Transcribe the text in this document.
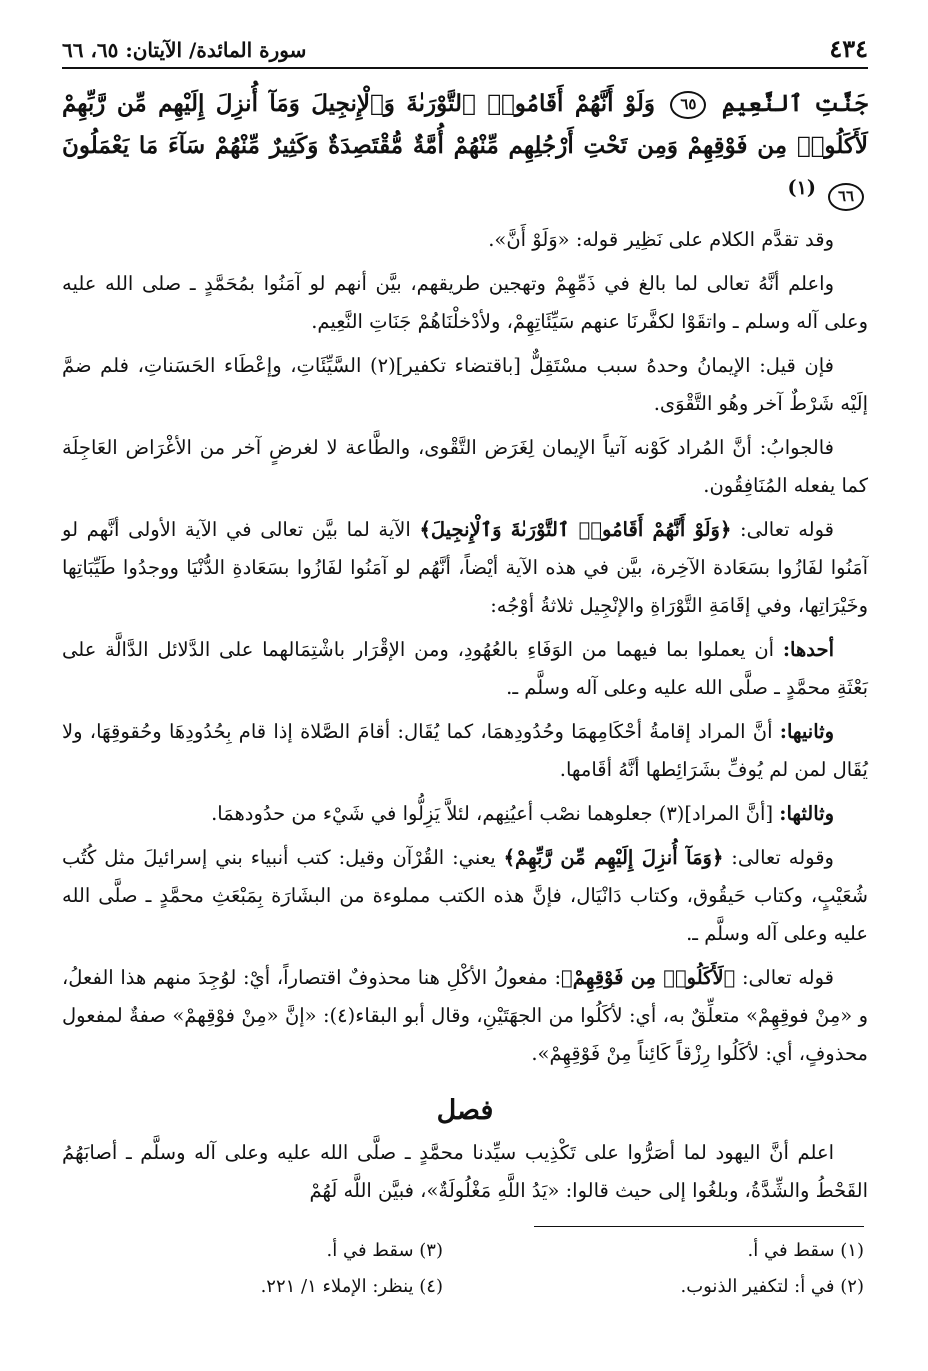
٤٣٤
سورة المائدة/ الآيتان: ٦٥، ٦٦
جَنَّتِ ٱلنَّعِيمِ ٦٥ وَلَوْ أَنَّهُمْ أَقَامُوا۟ ٱلتَّوْرَىٰةَ وَٱلْإِنجِيلَ وَمَآ أُنزِلَ إِلَيْهِم مِّن رَّبِّهِمْ لَأَكَلُوا۟ مِن فَوْقِهِمْ وَمِن تَحْتِ أَرْجُلِهِم مِّنْهُمْ أُمَّةٌ مُّقْتَصِدَةٌ وَكَثِيرٌ مِّنْهُمْ سَآءَ مَا يَعْمَلُونَ ٦٦ $^{(١)}$

وقد تقدَّم الكلام على نَظِير قوله: «وَلَوْ أَنَّ».

واعلم أنَّهُ تعالى لما بالغ في ذَمِّهِمْ وتهجين طريقهم، بيَّن أنهم لو آمَنُوا بمُحَمَّدٍ ـ صلى الله عليه وعلى آله وسلم ـ واتقَوْا لكفَّرنَا عنهم سَيِّئَاتِهِمْ، ولأدْخلْنَاهُمْ جَنَاتِ النَّعِيم.

فإن قيل: الإيمانُ وحدهُ سبب مسْتَقِلٌّ [باقتضاء تكفير](٢) السَّيِّئَاتِ، وإعْطَاء الحَسَناتِ، فلم ضمَّ إلَيْه شَرْطٌ آخر وهُو التَّقْوَى.

فالجوابُ: أنَّ المُراد كَوْنه آتياً الإيمان لِغَرَض التَّقْوى، والطَّاعة لا لغرضٍ آخر من الأغْرَاض العَاجِلَة كما يفعله المُنَافِقُون.

قوله تعالى: ﴿وَلَوْ أَنَّهُمْ أَقَامُوا۟ ٱلتَّوْرَىٰةَ وَٱلْإِنجِيلَ﴾ الآية لما بيَّن تعالى في الآية الأولى أنَّهم لو آمَنُوا لفَازُوا بسَعَادة الآخِرة، بيَّن في هذه الآية أيْضاً، أنَّهُم لو آمَنُوا لفَازُوا بسَعَادةِ الدُّنْيَا ووجدُوا طَيِّبَاتِها وخَيْرَاتِها، وفي إقَامَةِ التَّوْرَاةِ والإنْجِيل ثلاثةُ أوْجُه:

أحدها: أن يعملوا بما فيهما من الوَفَاءِ بالعُهُودِ، ومن الإقْرَار باشْتِمَالهما على الدَّلائل الدَّالَّة على بَعْثَةِ محمَّدٍ ـ صلَّى الله عليه وعلى آله وسلَّم ـ.

وثانيها: أنَّ المراد إقامةُ أحْكَامِهمَا وحُدُودِهمَا، كما يُقَال: أقامَ الصَّلاة إذا قام بِحُدُودِهَا وحُقوقِهَا، ولا يُقَال لمن لم يُوفِّ بشَرَائِطها أنَّهُ أقَامها.

وثالثها: [أنَّ المراد](٣) جعلوهما نصْب أعيُنِهم، لئلاَّ يَزِلُّوا في شَيْء من حدُودهمَا.

وقوله تعالى: ﴿وَمَآ أُنزِلَ إِلَيْهِم مِّن رَّبِّهِمْ﴾ يعني: القُرْآن وقيل: كتب أنبياء بني إسرائيلَ مثل كُتُب شُعَيْبٍ، وكتاب حَيقُوق، وكتاب دَانْيَال، فإنَّ هذه الكتب مملوءة من البشَارَة بِمَبْعَثِ محمَّدٍ ـ صلَّى الله عليه وعلى آله وسلَّم ـ.

قوله تعالى: ﴿لَأَكَلُوا۟ مِن فَوْقِهِمْ﴾: مفعولُ الأكْلِ هنا محذوفٌ اقتصاراً، أيْ: لوُجِدَ منهم هذا الفعلُ، و «مِنْ فوقِهِمْ» متعلِّقٌ به، أي: لأكَلُوا من الجهَتَيْنِ، وقال أبو البقاء(٤): «إنَّ «مِنْ فوْقِهمْ» صفةٌ لمفعول محذوفٍ، أي: لأكَلُوا رِزْقاً كَائِناً مِنْ فَوْقِهِمْ».

فصل

اعلم أنَّ اليهود لما أصَرُّوا على تَكْذِيب سيِّدنا محمَّدٍ ـ صلَّى الله عليه وعلى آله وسلَّم ـ أصابَهُمُ القَحْطُ والشِّدَّةُ، وبلغُوا إلى حيث قالوا: «يَدُ اللَّهِ مَغْلُولَةٌ»، فبيَّن اللَّه لَهُمْ

(١) سقط في أ.
(٣) سقط في أ.
(٢) في أ: لتكفير الذنوب.
(٤) ينظر: الإملاء ١/ ٢٢١.
